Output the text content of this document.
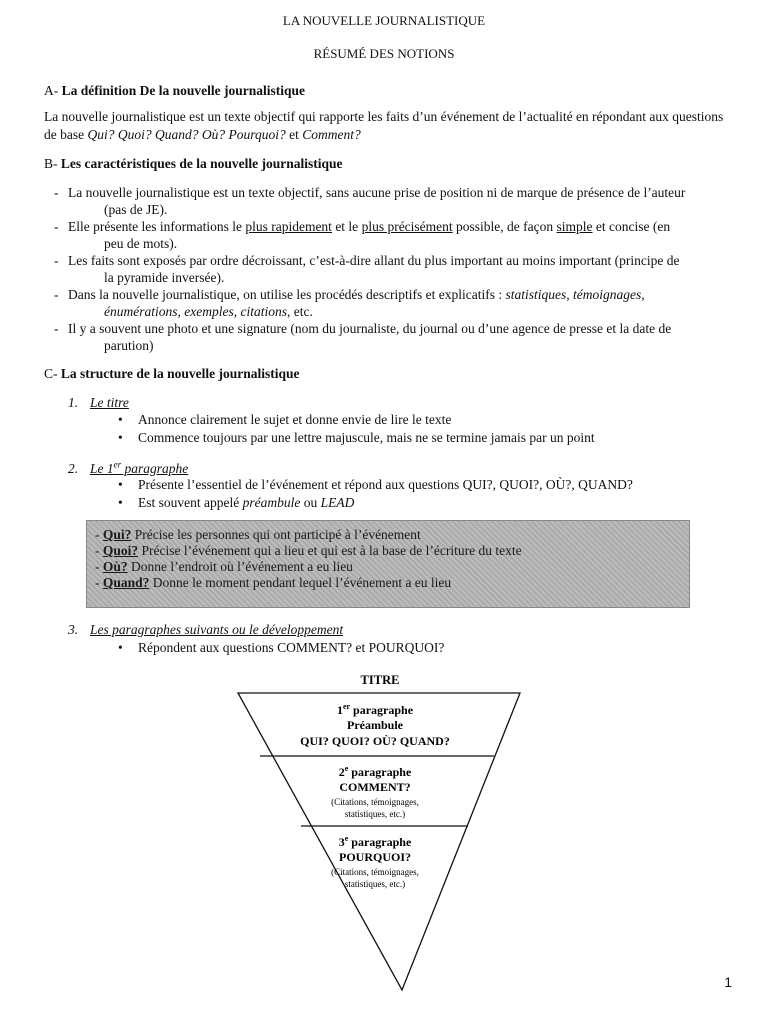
LA NOUVELLE JOURNALISTIQUE
RÉSUMÉ DES NOTIONS

A- La définition De la nouvelle journalistique

La nouvelle journalistique est un texte objectif qui rapporte les faits d’un événement de l’actualité en répondant aux questions de base Qui? Quoi? Quand? Où? Pourquoi? et Comment?

B- Les caractéristiques de la nouvelle journalistique

- La nouvelle journalistique est un texte objectif, sans aucune prise de position ni de marque de présence de l’auteur
(pas de JE).
- Elle présente les informations le plus rapidement et le plus précisément possible, de façon simple et concise (en
peu de mots).
- Les faits sont exposés par ordre décroissant, c’est-à-dire allant du plus important au moins important (principe de
la pyramide inversée).
- Dans la nouvelle journalistique, on utilise les procédés descriptifs et explicatifs : statistiques, témoignages,
énumérations, exemples, citations, etc.
- Il y a souvent une photo et une signature (nom du journaliste, du journal ou d’une agence de presse et la date de
parution)

C- La structure de la nouvelle journalistique

1. Le titre

• Annonce clairement le sujet et donne envie de lire le texte
• Commence toujours par une lettre majuscule, mais ne se termine jamais par un point

2. Le 1er paragraphe

• Présente l’essentiel de l’événement et répond aux questions QUI?, QUOI?, OÙ?, QUAND?
• Est souvent appelé préambule ou LEAD
- Qui? Précise les personnes qui ont participé à l’événement
- Quoi? Précise l’événement qui a lieu et qui est à la base de l’écriture du texte
- Où? Donne l’endroit où l’événement a eu lieu
- Quand? Donne le moment pendant lequel l’événement a eu lieu

3. Les paragraphes suivants ou le développement

• Répondent aux questions COMMENT? et POURQUOI?
TITRE
1er paragraphe
Préambule
QUI? QUOI? OÙ? QUAND?
2e paragraphe
COMMENT?
(Citations, témoignages,
statistiques, etc.)
3e paragraphe
POURQUOI?
(Citations, témoignages,
statistiques, etc.)
1
